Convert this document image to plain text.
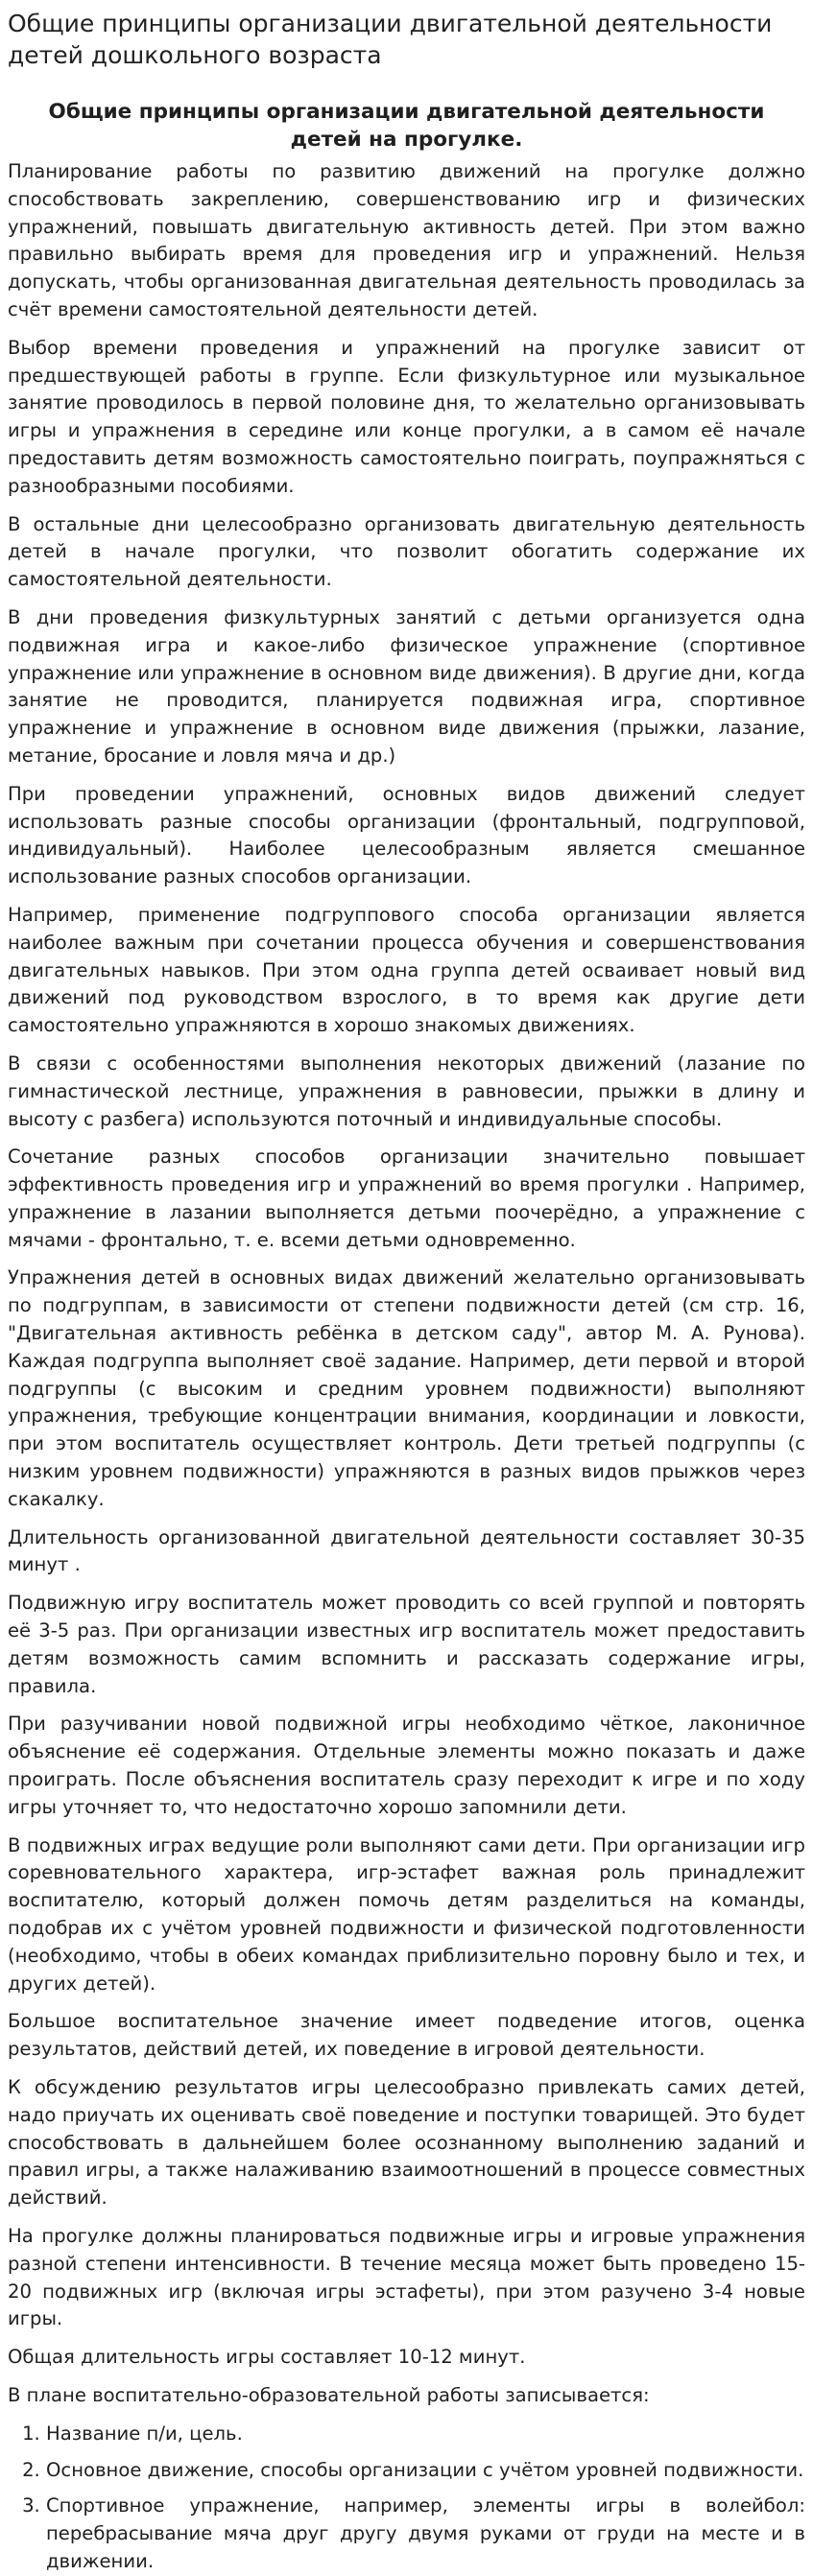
Общие принципы организации двигательной деятельности детей дошкольного возраста
Общие принципы организации двигательной деятельности детей на прогулке.

Планирование работы по развитию движений на прогулке должно способствовать закреплению, совершенствованию игр и физических упражнений, повышать двигательную активность детей. При этом важно правильно выбирать время для проведения игр и упражнений. Нельзя допускать, чтобы организованная двигательная деятельность проводилась за счёт времени самостоятельной деятельности детей.

Выбор времени проведения и упражнений на прогулке зависит от предшествующей работы в группе. Если физкультурное или музыкальное занятие проводилось в первой половине дня, то желательно организовывать игры и упражнения в середине или конце прогулки, а в самом её начале предоставить детям возможность самостоятельно поиграть, поупражняться с разнообразными пособиями.

В остальные дни целесообразно организовать двигательную деятельность детей в начале прогулки, что позволит обогатить содержание их самостоятельной деятельности.

В дни проведения физкультурных занятий с детьми организуется одна подвижная игра и какое-либо физическое упражнение (спортивное упражнение или упражнение в основном виде движения). В другие дни, когда занятие не проводится, планируется подвижная игра, спортивное упражнение и упражнение в основном виде движения (прыжки, лазание, метание, бросание и ловля мяча и др.)

При проведении упражнений, основных видов движений следует использовать разные способы организации (фронтальный, подгрупповой, индивидуальный). Наиболее целесообразным является смешанное использование разных способов организации.

Например, применение подгруппового способа организации является наиболее важным при сочетании процесса обучения и совершенствования двигательных навыков. При этом одна группа детей осваивает новый вид движений под руководством взрослого, в то время как другие дети самостоятельно упражняются в хорошо знакомых движениях.

В связи с особенностями выполнения некоторых движений (лазание по гимнастической лестнице, упражнения в равновесии, прыжки в длину и высоту с разбега) используются поточный и индивидуальные способы.

Сочетание разных способов организации значительно повышает эффективность проведения игр и упражнений во время прогулки . Например, упражнение в лазании выполняется детьми поочерёдно, а упражнение с мячами - фронтально, т. е. всеми детьми одновременно.

Упражнения детей в основных видах движений желательно организовывать по подгруппам, в зависимости от степени подвижности детей (см стр. 16, "Двигательная активность ребёнка в детском саду", автор М. А. Рунова). Каждая подгруппа выполняет своё задание. Например, дети первой и второй подгруппы (с высоким и средним уровнем подвижности) выполняют упражнения, требующие концентрации внимания, координации и ловкости, при этом воспитатель осуществляет контроль. Дети третьей подгруппы (с низким уровнем подвижности) упражняются в разных видов прыжков через скакалку.

Длительность организованной двигательной деятельности составляет 30-35 минут .

Подвижную игру воспитатель может проводить со всей группой и повторять её 3-5 раз. При организации известных игр воспитатель может предоставить детям возможность самим вспомнить и рассказать содержание игры, правила.

При разучивании новой подвижной игры необходимо чёткое, лаконичное объяснение её содержания. Отдельные элементы можно показать и даже проиграть. После объяснения воспитатель сразу переходит к игре и по ходу игры уточняет то, что недостаточно хорошо запомнили дети.

В подвижных играх ведущие роли выполняют сами дети. При организации игр соревновательного характера, игр-эстафет важная роль принадлежит воспитателю, который должен помочь детям разделиться на команды, подобрав их с учётом уровней подвижности и физической подготовленности (необходимо, чтобы в обеих командах приблизительно поровну было и тех, и других детей).

Большое воспитательное значение имеет подведение итогов, оценка результатов, действий детей, их поведение в игровой деятельности.

К обсуждению результатов игры целесообразно привлекать самих детей, надо приучать их оценивать своё поведение и поступки товарищей. Это будет способствовать в дальнейшем более осознанному выполнению заданий и правил игры, а также налаживанию взаимоотношений в процессе совместных действий.

На прогулке должны планироваться подвижные игры и игровые упражнения разной степени интенсивности. В течение месяца может быть проведено 15-20 подвижных игр (включая игры эстафеты), при этом разучено 3-4 новые игры.

Общая длительность игры составляет 10-12 минут.

В плане воспитательно-образовательной работы записывается:

1. Название п/и, цель.
2. Основное движение, способы организации с учётом уровней подвижности.
3. Спортивное упражнение, например, элементы игры в волейбол: перебрасывание мяча друг другу двумя руками от груди на месте и в движении.
